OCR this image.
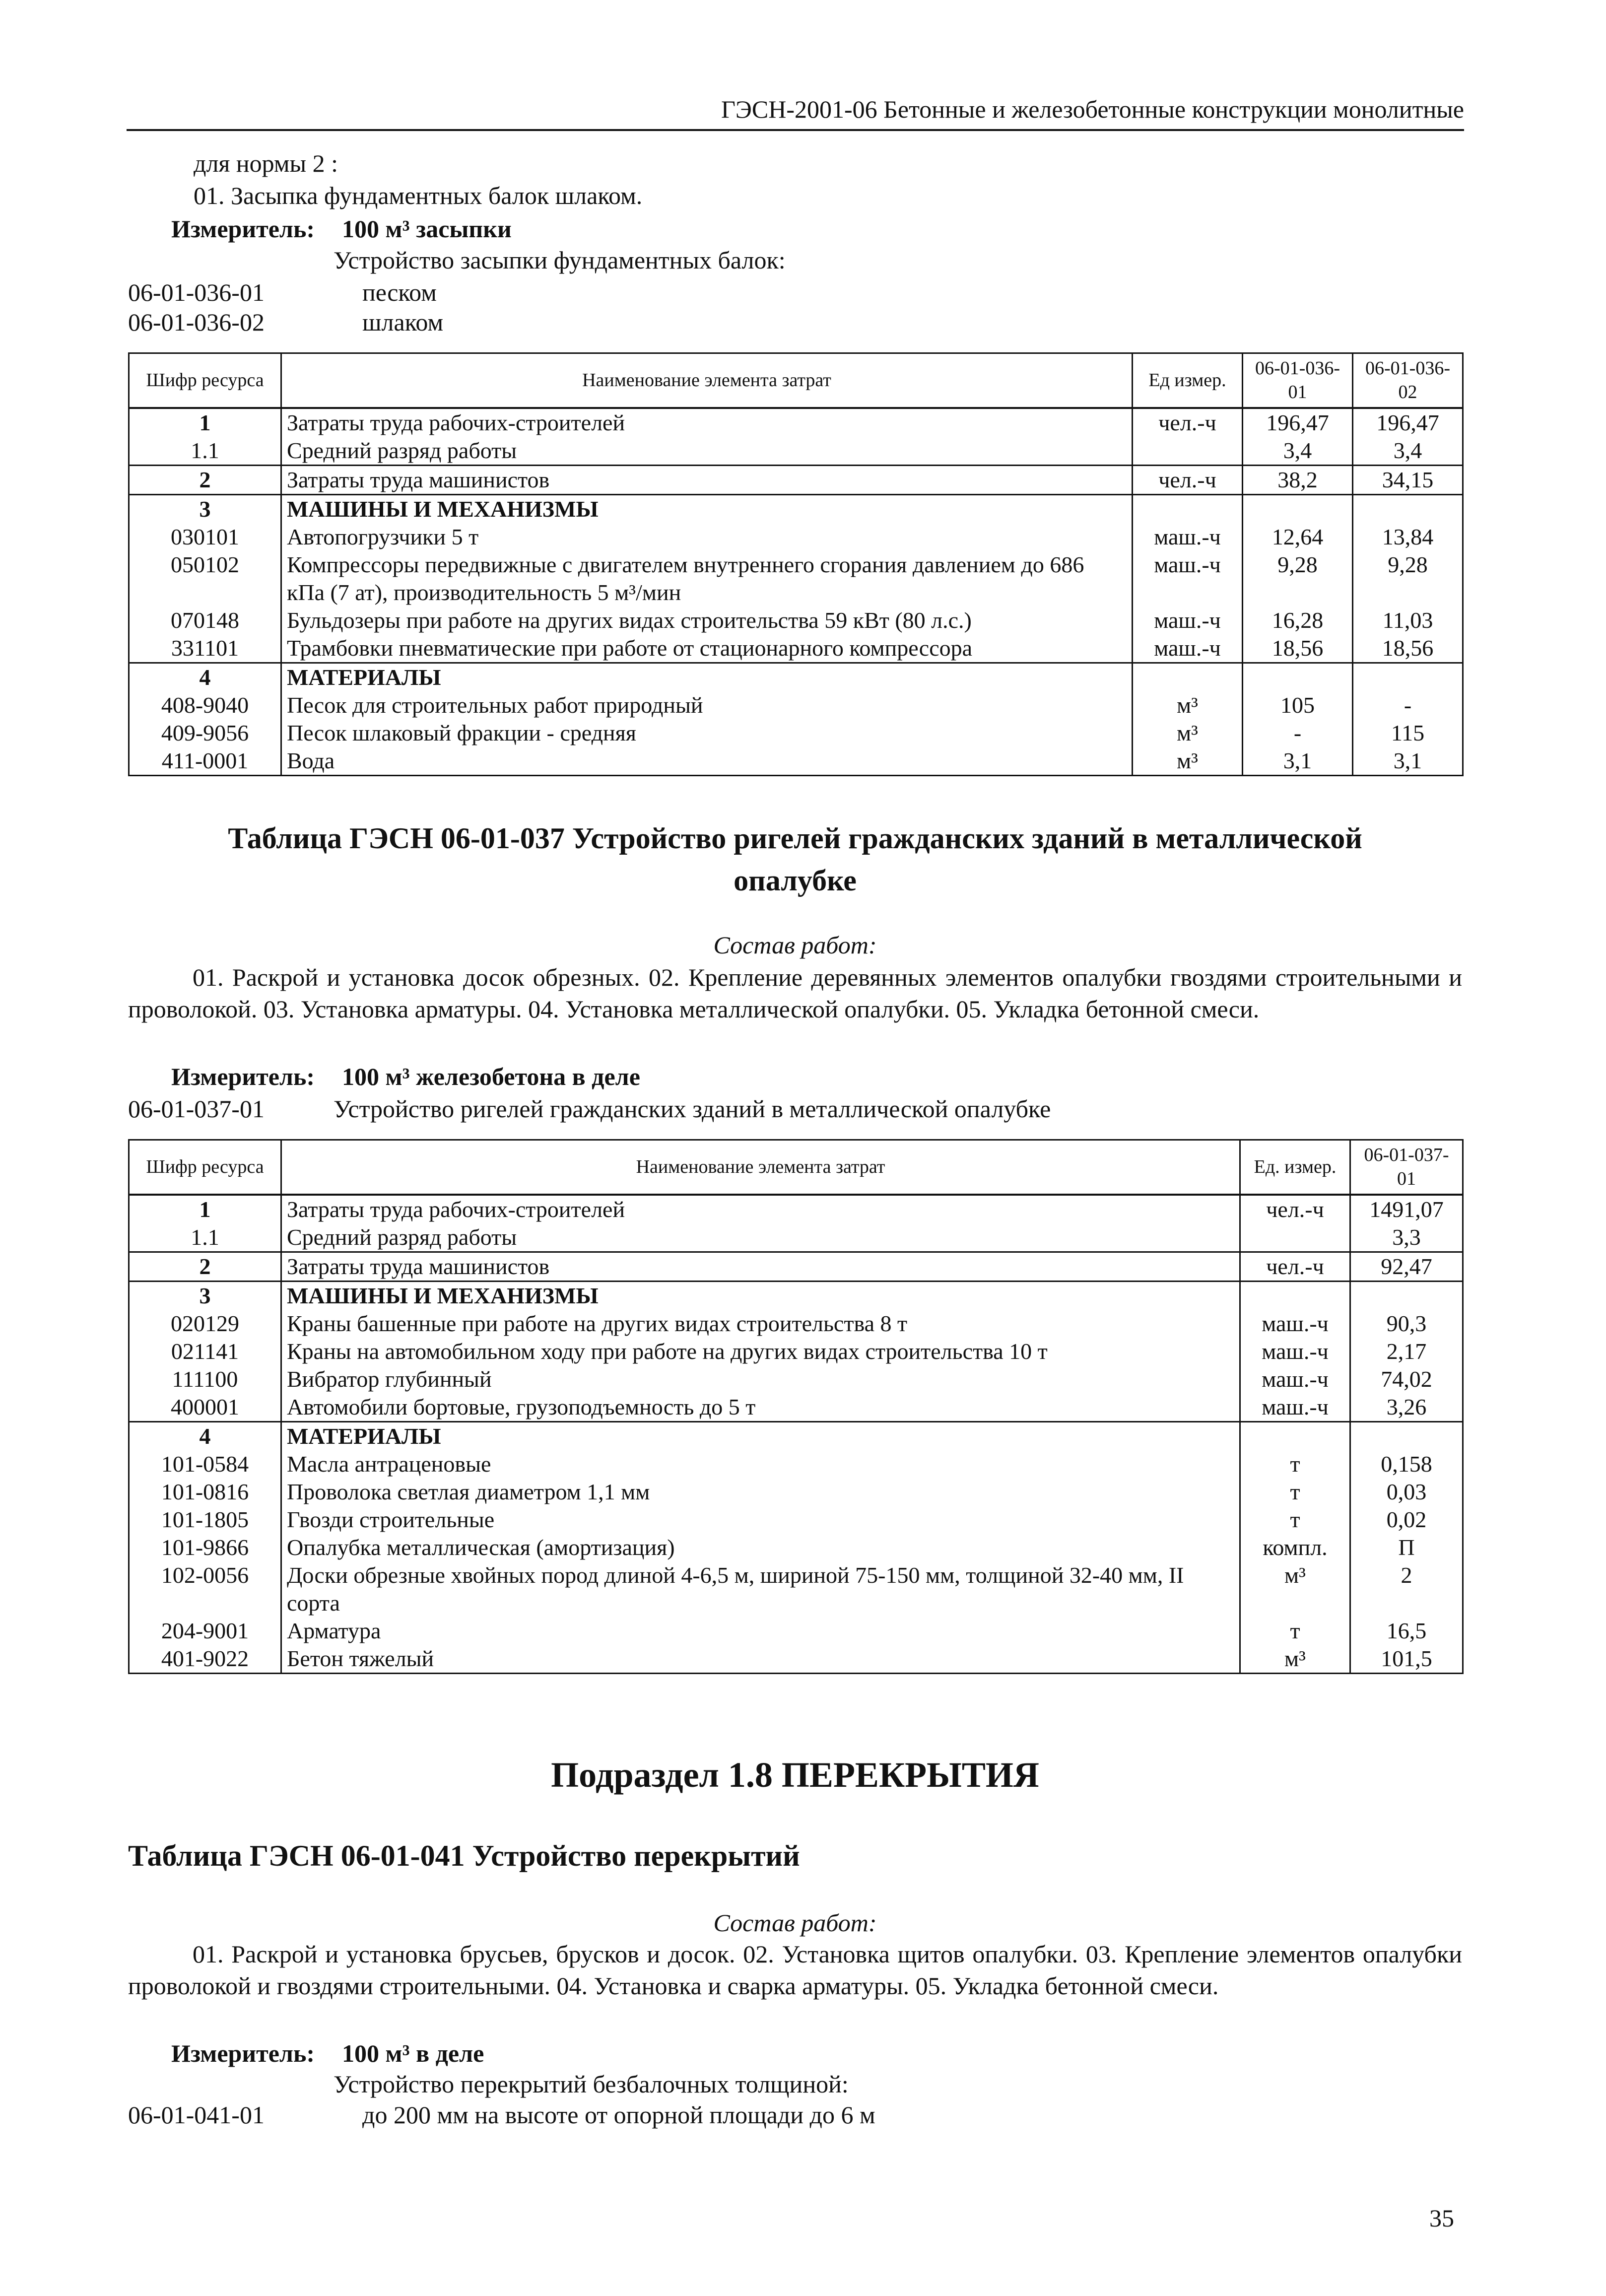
ГЭСН-2001-06 Бетонные и железобетонные конструкции монолитные
для нормы 2 :
01. Засыпка фундаментных балок шлаком.
Измеритель: 100 м³ засыпки
Устройство засыпки фундаментных балок:
06-01-036-01	песком
06-01-036-02	шлаком
Шифр ресурса	Наименование элемента затрат	Ед измер.	06-01-036-01	06-01-036-02
1	Затраты труда рабочих-строителей	чел.-ч	196,47	196,47
1.1	Средний разряд работы		3,4	3,4
2	Затраты труда машинистов	чел.-ч	38,2	34,15
3	МАШИНЫ И МЕХАНИЗМЫ			
030101	Автопогрузчики 5 т	маш.-ч	12,64	13,84
050102	Компрессоры передвижные с двигателем внутреннего сгорания давлением до 686 кПа (7 ат), производительность 5 м³/мин	маш.-ч	9,28	9,28
070148	Бульдозеры при работе на других видах строительства 59 кВт (80 л.с.)	маш.-ч	16,28	11,03
331101	Трамбовки пневматические при работе от стационарного компрессора	маш.-ч	18,56	18,56
4	МАТЕРИАЛЫ			
408-9040	Песок для строительных работ природный	м³	105	-
409-9056	Песок шлаковый фракции - средняя	м³	-	115
411-0001	Вода	м³	3,1	3,1
Таблица ГЭСН 06-01-037 Устройство ригелей гражданских зданий в металлической
опалубке
Состав работ:
01. Раскрой и установка досок обрезных. 02. Крепление деревянных элементов опалубки гвоздями строительными и проволокой. 03. Установка арматуры. 04. Установка металлической опалубки. 05. Укладка бетонной смеси.
Измеритель: 100 м³ железобетона в деле
06-01-037-01	Устройство ригелей гражданских зданий в металлической опалубке
Шифр ресурса	Наименование элемента затрат	Ед. измер.	06-01-037-01
1	Затраты труда рабочих-строителей	чел.-ч	1491,07
1.1	Средний разряд работы		3,3
2	Затраты труда машинистов	чел.-ч	92,47
3	МАШИНЫ И МЕХАНИЗМЫ		
020129	Краны башенные при работе на других видах строительства 8 т	маш.-ч	90,3
021141	Краны на автомобильном ходу при работе на других видах строительства 10 т	маш.-ч	2,17
111100	Вибратор глубинный	маш.-ч	74,02
400001	Автомобили бортовые, грузоподъемность до 5 т	маш.-ч	3,26
4	МАТЕРИАЛЫ		
101-0584	Масла антраценовые	т	0,158
101-0816	Проволока светлая диаметром 1,1 мм	т	0,03
101-1805	Гвозди строительные	т	0,02
101-9866	Опалубка металлическая (амортизация)	компл.	П
102-0056	Доски обрезные хвойных пород длиной 4-6,5 м, шириной 75-150 мм, толщиной 32-40 мм, II сорта	м³	2
204-9001	Арматура	т	16,5
401-9022	Бетон тяжелый	м³	101,5
Подраздел 1.8 ПЕРЕКРЫТИЯ
Таблица ГЭСН 06-01-041 Устройство перекрытий
Состав работ:
01. Раскрой и установка брусьев, брусков и досок. 02. Установка щитов опалубки. 03. Крепление элементов опалубки проволокой и гвоздями строительными. 04. Установка и сварка арматуры. 05. Укладка бетонной смеси.
Измеритель: 100 м³ в деле
Устройство перекрытий безбалочных толщиной:
06-01-041-01	до 200 мм на высоте от опорной площади до 6 м
35
